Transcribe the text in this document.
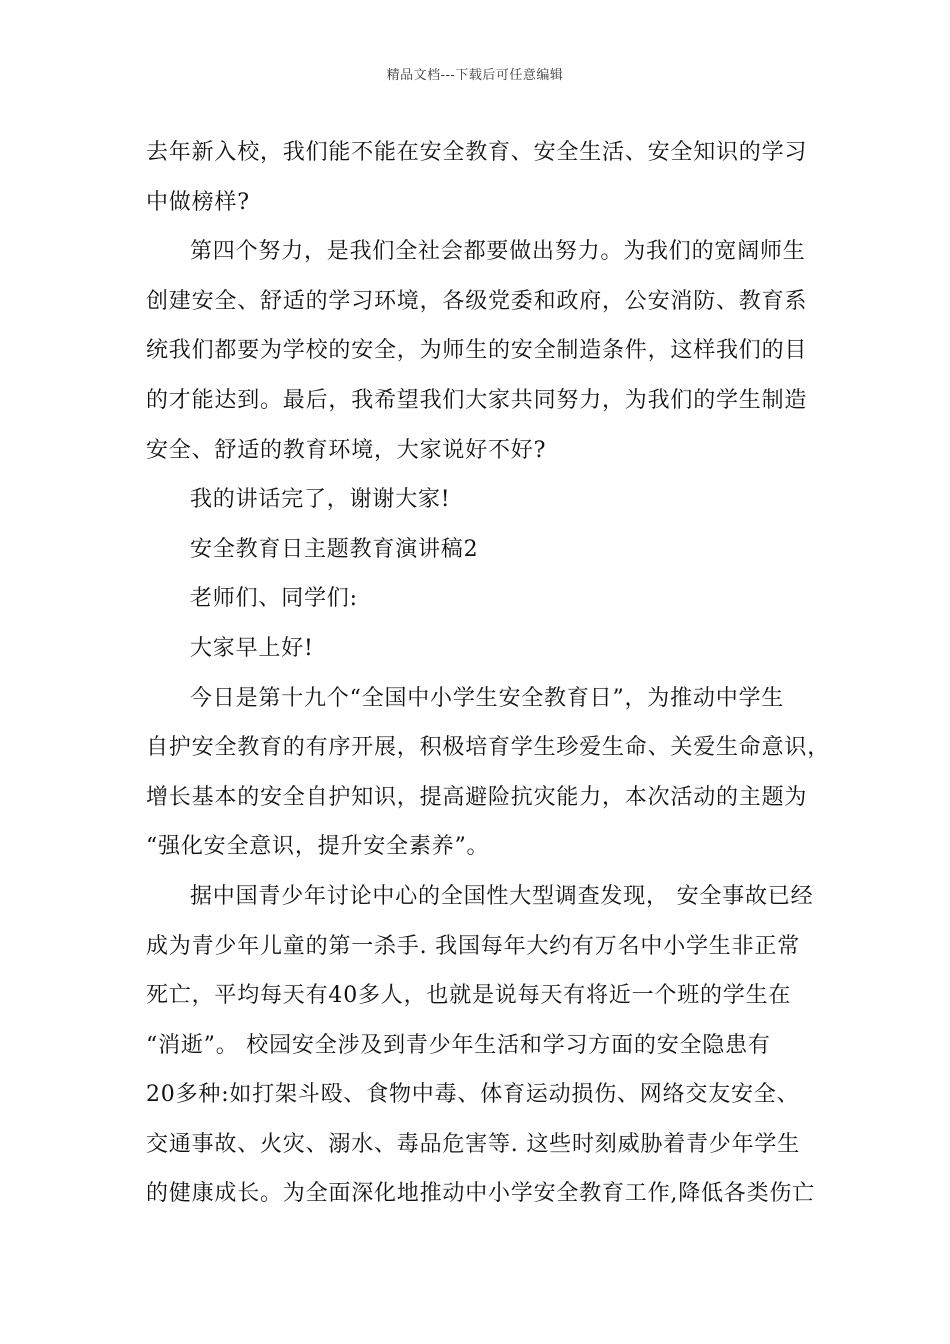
精品文档---下载后可任意编辑
去年新入校，我们能不能在安全教育、安全生活、安全知识的学习
中做榜样?
第四个努力，是我们全社会都要做出努力。为我们的宽阔师生
创建安全、舒适的学习环境，各级党委和政府，公安消防、教育系
统我们都要为学校的安全，为师生的安全制造条件，这样我们的目
的才能达到。最后，我希望我们大家共同努力，为我们的学生制造
安全、舒适的教育环境，大家说好不好?
我的讲话完了，谢谢大家!
安全教育日主题教育演讲稿2
老师们、同学们:
大家早上好!
今日是第十九个“全国中小学生安全教育日”，为推动中学生
自护安全教育的有序开展，积极培育学生珍爱生命、关爱生命意识，
增长基本的安全自护知识，提高避险抗灾能力，本次活动的主题为
“强化安全意识，提升安全素养”。
据中国青少年讨论中心的全国性大型调查发现， 安全事故已经
成为青少年儿童的第一杀手. 我国每年大约有万名中小学生非正常
死亡，平均每天有40多人，也就是说每天有将近一个班的学生在
“消逝”。 校园安全涉及到青少年生活和学习方面的安全隐患有
20多种:如打架斗殴、食物中毒、体育运动损伤、网络交友安全、
交通事故、火灾、溺水、毒品危害等. 这些时刻威胁着青少年学生
的健康成长。为全面深化地推动中小学安全教育工作,降低各类伤亡
